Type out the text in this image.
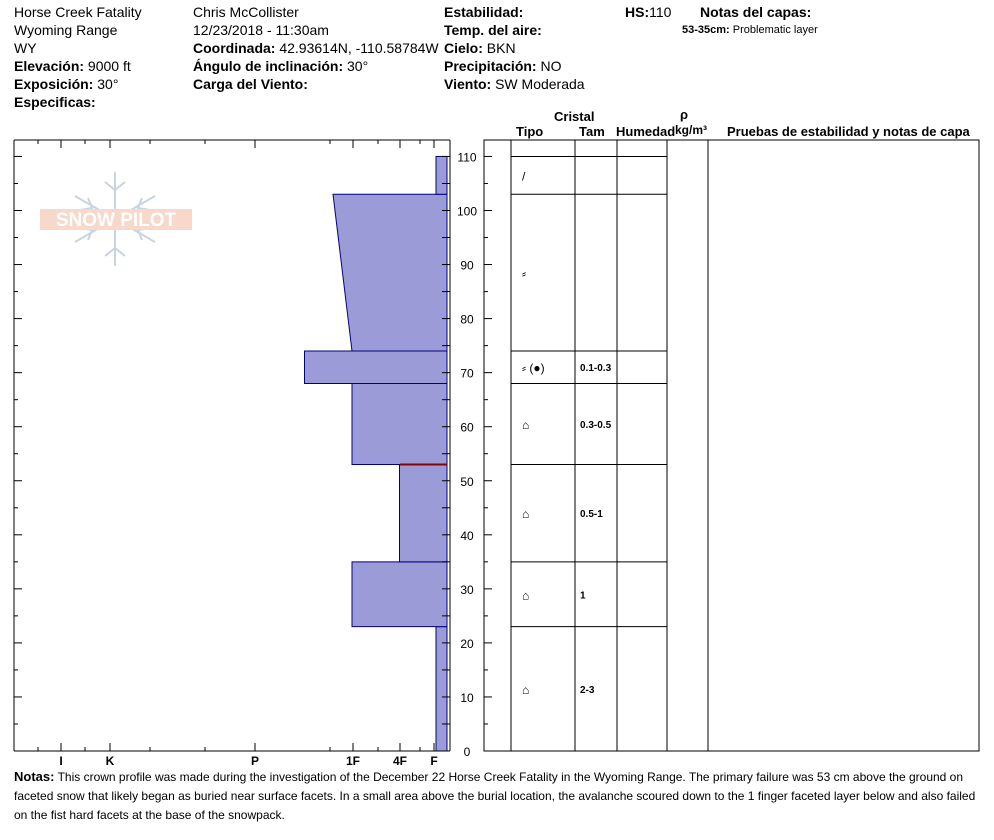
Horse Creek Fatality
Wyoming Range
WY
Elevación: 9000 ft
Exposición: 30°
Especificas:
Chris McCollister
12/23/2018 - 11:30am
Coordinada: 42.93614N, -110.58784W
Ángulo de inclinación: 30°
Carga del Viento:
Estabilidad:
Temp. del aire:
Cielo: BKN
Precipitación: NO
Viento: SW Moderada
HS:110 Notas del capas:
53-35cm: Problematic layer
Cristal
Tipo	Tam Humedad
ρ
kg/m³ Pruebas de estabilidad y notas de capa
SNOW PILOT
I	K	P	1F	4F F
0
10
20
30
40
50
60
70
80
90
100
110
/
⸗
⸗ (●)	0.1-0.3
⌂	0.3-0.5
⌂	0.5-1
⌂	1
⌂	2-3
Notas: This crown profile was made during the investigation of the December 22 Horse Creek Fatality in the Wyoming Range. The primary failure was 53 cm above the ground on faceted snow that likely began as buried near surface facets. In a small area above the burial location, the avalanche scoured down to the 1 finger faceted layer below and also failed on the fist hard facets at the base of the snowpack.
